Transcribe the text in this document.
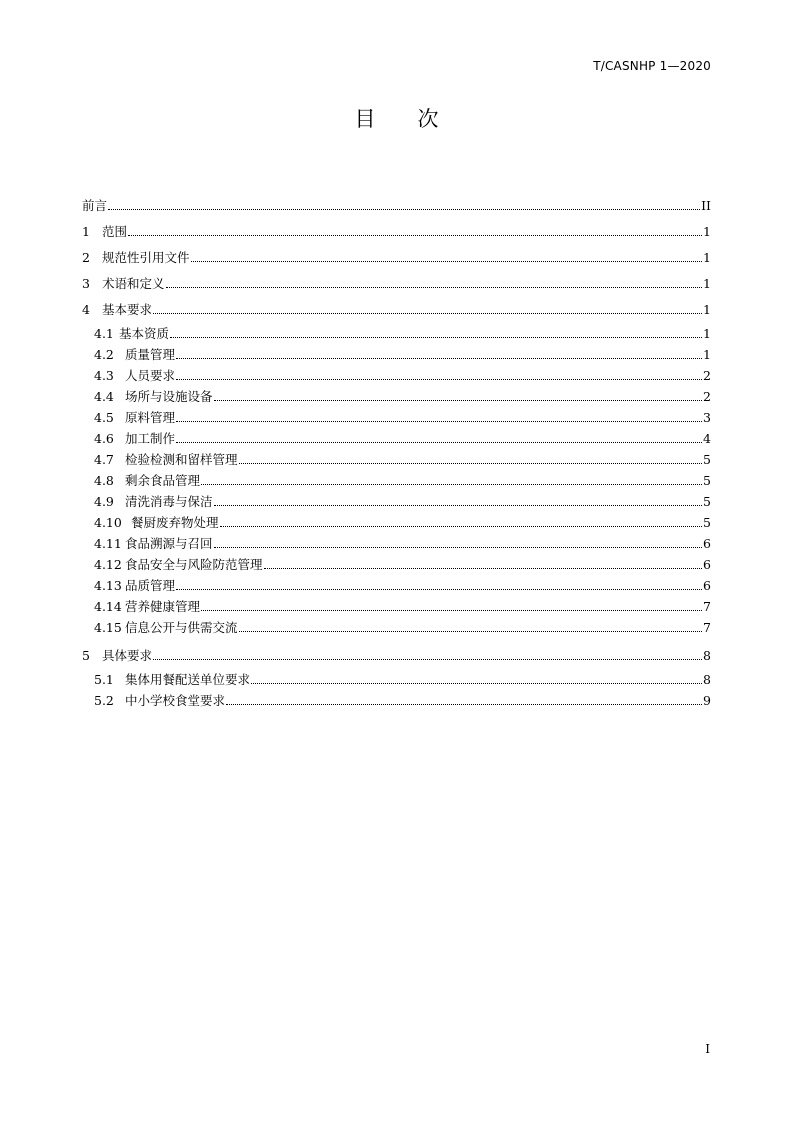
T/CASNHP 1—2020
目 次
前言	II
1 范围	1
2 规范性引用文件	1
3 术语和定义	1
4 基本要求	1
4.1 基本资质	1
4.2 质量管理	1
4.3 人员要求	2
4.4 场所与设施设备	2
4.5 原料管理	3
4.6 加工制作	4
4.7 检验检测和留样管理	5
4.8 剩余食品管理	5
4.9 清洗消毒与保洁	5
4.10 餐厨废弃物处理	5
4.11 食品溯源与召回	6
4.12 食品安全与风险防范管理	6
4.13 品质管理	6
4.14 营养健康管理	7
4.15 信息公开与供需交流	7
5 具体要求	8
5.1 集体用餐配送单位要求	8
5.2 中小学校食堂要求	9
I
